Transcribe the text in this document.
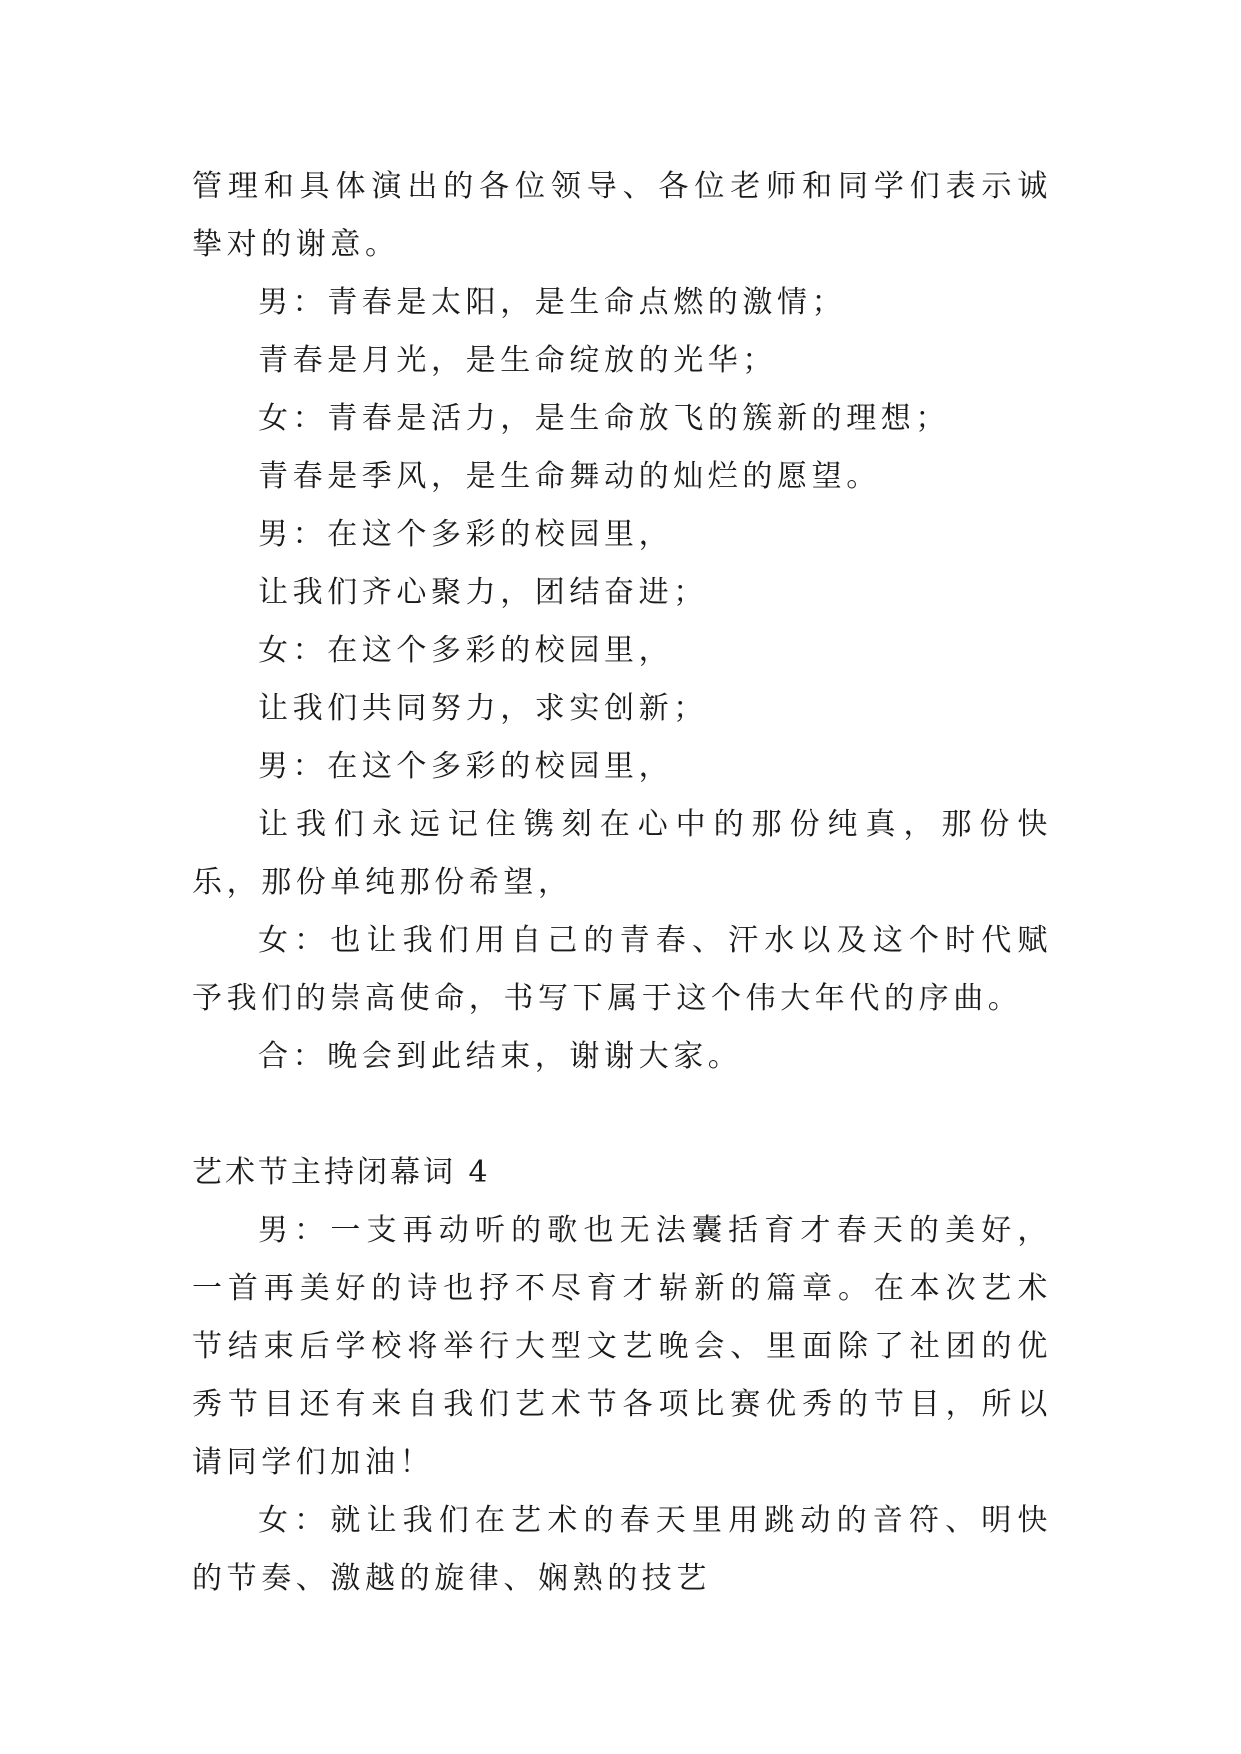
管理和具体演出的各位领导、各位老师和同学们表示诚挚对的谢意。

男：青春是太阳，是生命点燃的激情；

青春是月光，是生命绽放的光华；

女：青春是活力，是生命放飞的簇新的理想；

青春是季风，是生命舞动的灿烂的愿望。

男：在这个多彩的校园里，

让我们齐心聚力，团结奋进；

女：在这个多彩的校园里，

让我们共同努力，求实创新；

男：在这个多彩的校园里，

让我们永远记住镌刻在心中的那份纯真，那份快乐，那份单纯那份希望，

女：也让我们用自己的青春、汗水以及这个时代赋予我们的崇高使命，书写下属于这个伟大年代的序曲。

合：晚会到此结束，谢谢大家。

艺术节主持闭幕词 4

男：一支再动听的歌也无法囊括育才春天的美好，一首再美好的诗也抒不尽育才崭新的篇章。在本次艺术节结束后学校将举行大型文艺晚会、里面除了社团的优秀节目还有来自我们艺术节各项比赛优秀的节目，所以请同学们加油！

女：就让我们在艺术的春天里用跳动的音符、明快的节奏、激越的旋律、娴熟的技艺
